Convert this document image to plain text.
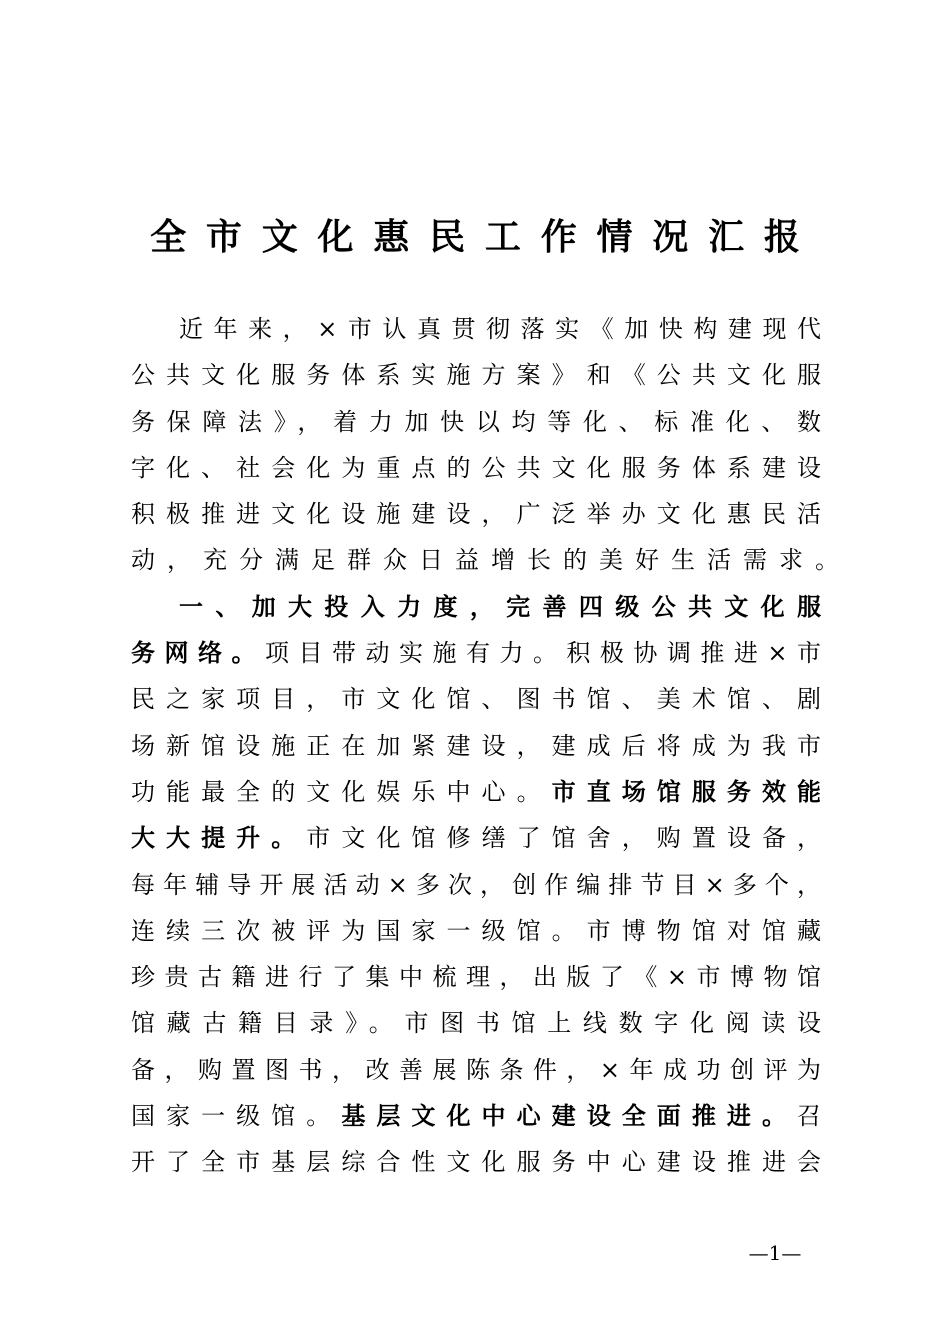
全市文化惠民工作情况汇报
近年来，×市认真贯彻落实《加快构建现代
公共文化服务体系实施方案》和《公共文化服
务保障法》，着力加快以均等化、标准化、数
字化、社会化为重点的公共文化服务体系建设
积极推进文化设施建设，广泛举办文化惠民活
动，充分满足群众日益增长的美好生活需求。
一、加大投入力度，完善四级公共文化服
务网络。项目带动实施有力。积极协调推进×市
民之家项目，市文化馆、图书馆、美术馆、剧
场新馆设施正在加紧建设，建成后将成为我市
功能最全的文化娱乐中心。市直场馆服务效能
大大提升。市文化馆修缮了馆舍，购置设备，
每年辅导开展活动×多次，创作编排节目×多个，
连续三次被评为国家一级馆。市博物馆对馆藏
珍贵古籍进行了集中梳理，出版了《×市博物馆
馆藏古籍目录》。市图书馆上线数字化阅读设
备，购置图书，改善展陈条件，×年成功创评为
国家一级馆。基层文化中心建设全面推进。召
开了全市基层综合性文化服务中心建设推进会
—1—
